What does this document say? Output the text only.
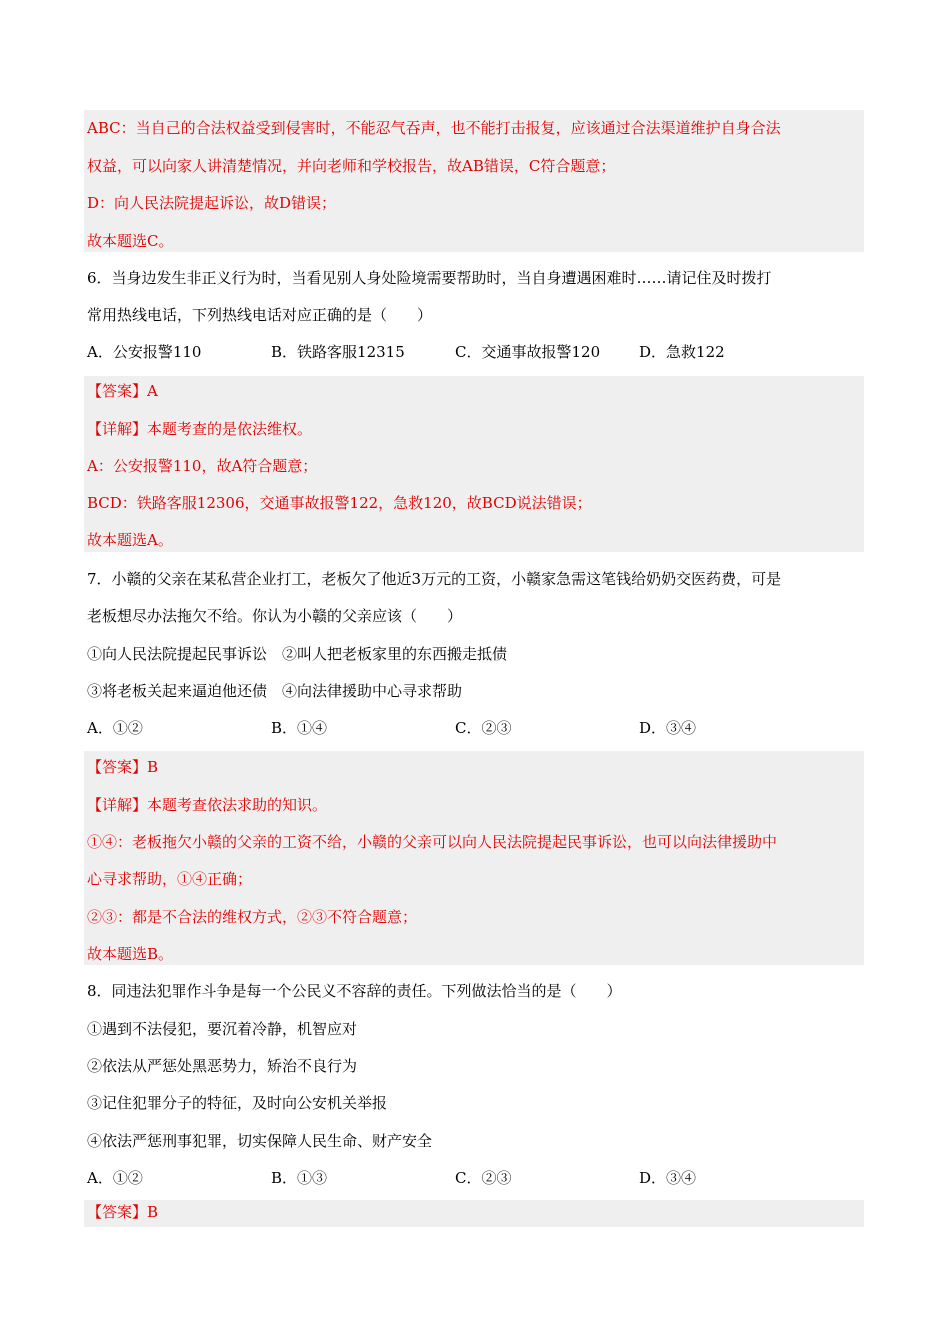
ABC：当自己的合法权益受到侵害时，不能忍气吞声，也不能打击报复，应该通过合法渠道维护自身合法
权益，可以向家人讲清楚情况，并向老师和学校报告，故AB错误，C符合题意；
D：向人民法院提起诉讼，故D错误；
故本题选C。
6．当身边发生非正义行为时，当看见别人身处险境需要帮助时，当自身遭遇困难时……请记住及时拨打
常用热线电话，下列热线电话对应正确的是（　　）
A．公安报警110	B．铁路客服12315	C．交通事故报警120	D．急救122
【答案】A
【详解】本题考查的是依法维权。
A：公安报警110，故A符合题意；
BCD：铁路客服12306，交通事故报警122，急救120，故BCD说法错误；
故本题选A。
7．小赣的父亲在某私营企业打工，老板欠了他近3万元的工资，小赣家急需这笔钱给奶奶交医药费，可是
老板想尽办法拖欠不给。你认为小赣的父亲应该（　　）
①向人民法院提起民事诉讼　②叫人把老板家里的东西搬走抵债
③将老板关起来逼迫他还债　④向法律援助中心寻求帮助
A．①②	B．①④	C．②③	D．③④
【答案】B
【详解】本题考查依法求助的知识。
①④：老板拖欠小赣的父亲的工资不给，小赣的父亲可以向人民法院提起民事诉讼，也可以向法律援助中
心寻求帮助，①④正确；
②③：都是不合法的维权方式，②③不符合题意；
故本题选B。
8．同违法犯罪作斗争是每一个公民义不容辞的责任。下列做法恰当的是（　　）
①遇到不法侵犯，要沉着冷静，机智应对
②依法从严惩处黑恶势力，矫治不良行为
③记住犯罪分子的特征，及时向公安机关举报
④依法严惩刑事犯罪，切实保障人民生命、财产安全
A．①②	B．①③	C．②③	D．③④
【答案】B
